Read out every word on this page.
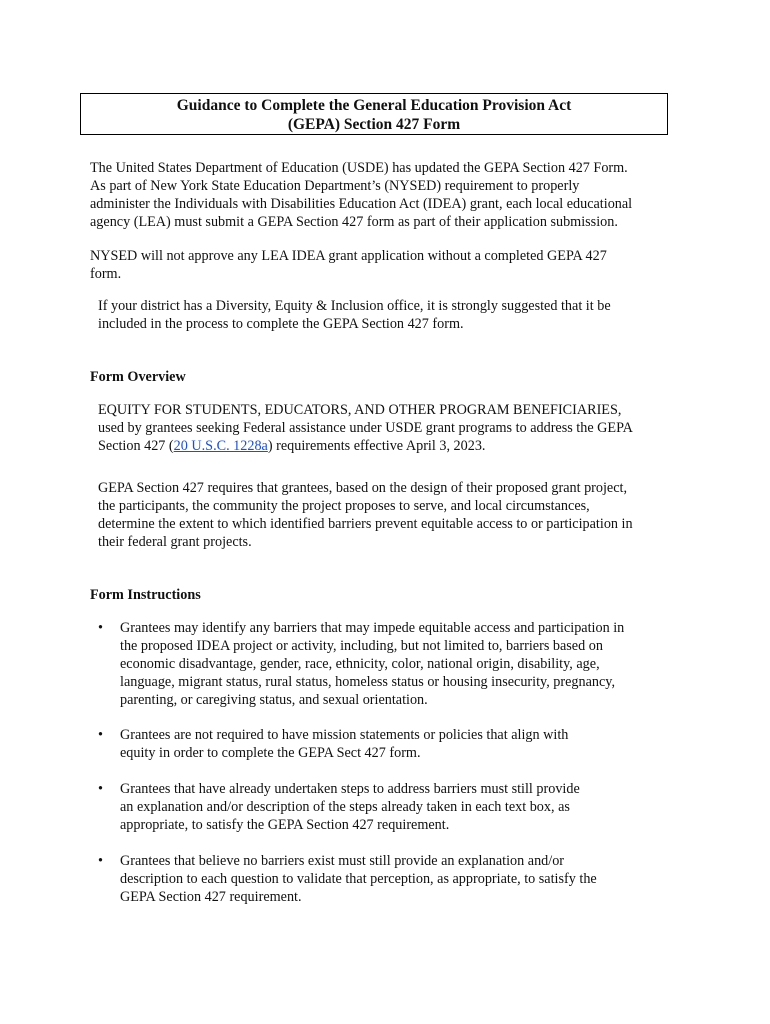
Guidance to Complete the General Education Provision Act
(GEPA) Section 427 Form
The United States Department of Education (USDE) has updated the GEPA Section 427 Form.
As part of New York State Education Department’s (NYSED) requirement to properly
administer the Individuals with Disabilities Education Act (IDEA) grant, each local educational
agency (LEA) must submit a GEPA Section 427 form as part of their application submission.
NYSED will not approve any LEA IDEA grant application without a completed GEPA 427
form.
If your district has a Diversity, Equity & Inclusion office, it is strongly suggested that it be
included in the process to complete the GEPA Section 427 form.
Form Overview
EQUITY FOR STUDENTS, EDUCATORS, AND OTHER PROGRAM BENEFICIARIES,
used by grantees seeking Federal assistance under USDE grant programs to address the GEPA
Section 427 (20 U.S.C. 1228a) requirements effective April 3, 2023.
GEPA Section 427 requires that grantees, based on the design of their proposed grant project,
the participants, the community the project proposes to serve, and local circumstances,
determine the extent to which identified barriers prevent equitable access to or participation in
their federal grant projects.
Form Instructions
•	Grantees may identify any barriers that may impede equitable access and participation in
the proposed IDEA project or activity, including, but not limited to, barriers based on
economic disadvantage, gender, race, ethnicity, color, national origin, disability, age,
language, migrant status, rural status, homeless status or housing insecurity, pregnancy,
parenting, or caregiving status, and sexual orientation.
•	Grantees are not required to have mission statements or policies that align with
equity in order to complete the GEPA Sect 427 form.
•	Grantees that have already undertaken steps to address barriers must still provide
an explanation and/or description of the steps already taken in each text box, as
appropriate, to satisfy the GEPA Section 427 requirement.
•	Grantees that believe no barriers exist must still provide an explanation and/or
description to each question to validate that perception, as appropriate, to satisfy the
GEPA Section 427 requirement.
